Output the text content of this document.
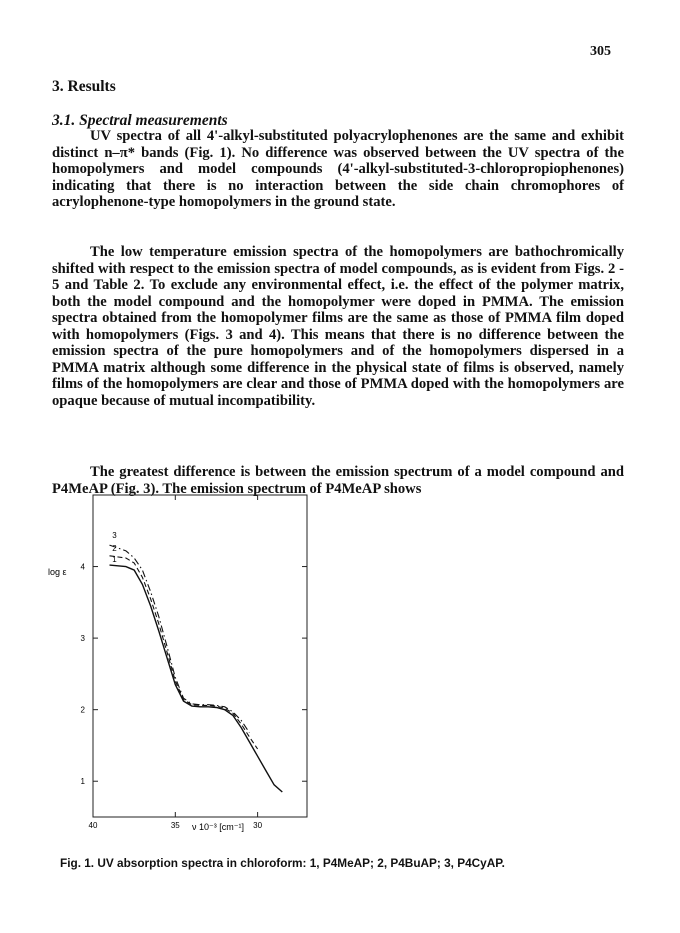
305
3. Results
3.1. Spectral measurements

UV spectra of all 4'-alkyl-substituted polyacrylophenones are the same and exhibit distinct n–π* bands (Fig. 1). No difference was observed between the UV spectra of the homopolymers and model compounds (4'-alkyl-substituted-3-chloropropiophenones) indicating that there is no interaction between the side chain chromophores of acrylophenone-type homopolymers in the ground state.

The low temperature emission spectra of the homopolymers are bathochromically shifted with respect to the emission spectra of model compounds, as is evident from Figs. 2 - 5 and Table 2. To exclude any environmental effect, i.e. the effect of the polymer matrix, both the model compound and the homopolymer were doped in PMMA. The emission spectra obtained from the homopolymer films are the same as those of PMMA film doped with homopolymers (Figs. 3 and 4). This means that there is no difference between the emission spectra of the pure homopolymers and of the homopolymers dispersed in a PMMA matrix although some difference in the physical state of films is observed, namely films of the homopolymers are clear and those of PMMA doped with the homopolymers are opaque because of mutual incompatibility.

The greatest difference is between the emission spectrum of a model compound and P4MeAP (Fig. 3). The emission spectrum of P4MeAP shows

log ε
ν 10⁻³ [cm⁻¹]
1
2
3
4
40	35	30
1
2
3
Fig. 1. UV absorption spectra in chloroform: 1, P4MeAP; 2, P4BuAP; 3, P4CyAP.
